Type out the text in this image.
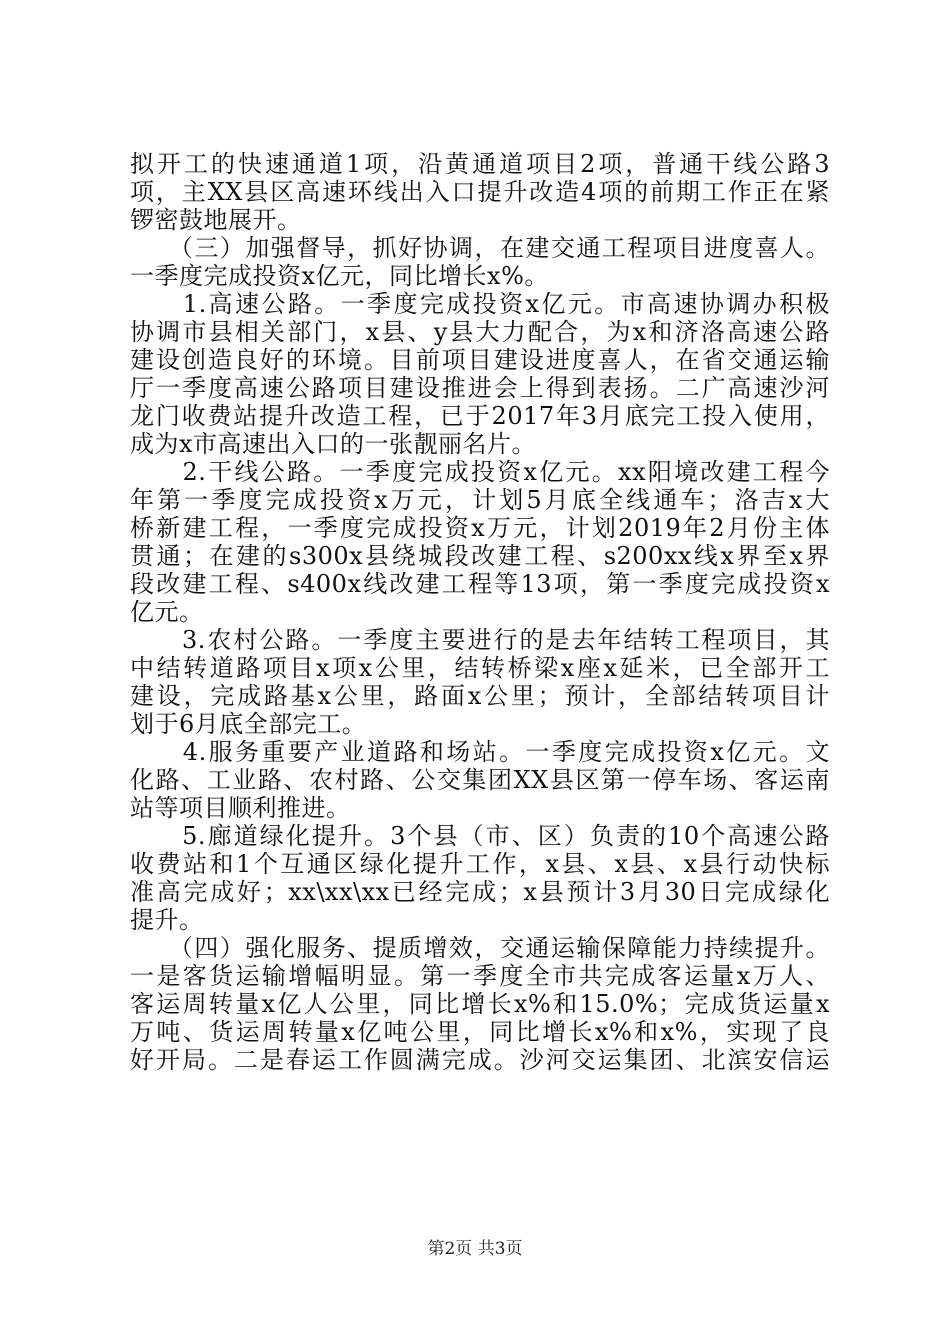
拟开工的快速通道1项，沿黄通道项目2项，普通干线公路3
项，主XX县区高速环线出入口提升改造4项的前期工作正在紧
锣密鼓地展开。
　　（三）加强督导，抓好协调，在建交通工程项目进度喜人。
一季度完成投资x亿元，同比增长x%。
　　1.高速公路。一季度完成投资x亿元。市高速协调办积极
协调市县相关部门，x县、y县大力配合，为x和济洛高速公路
建设创造良好的环境。目前项目建设进度喜人，在省交通运输
厅一季度高速公路项目建设推进会上得到表扬。二广高速沙河
龙门收费站提升改造工程，已于2017年3月底完工投入使用，
成为x市高速出入口的一张靓丽名片。
　　2.干线公路。一季度完成投资x亿元。xx阳境改建工程今
年第一季度完成投资x万元，计划5月底全线通车；洛吉x大
桥新建工程，一季度完成投资x万元，计划2019年2月份主体
贯通；在建的s300x县绕城段改建工程、s200xx线x界至x界
段改建工程、s400x线改建工程等13项，第一季度完成投资x
亿元。
　　3.农村公路。一季度主要进行的是去年结转工程项目，其
中结转道路项目x项x公里，结转桥梁x座x延米，已全部开工
建设，完成路基x公里，路面x公里；预计，全部结转项目计
划于6月底全部完工。
　　4.服务重要产业道路和场站。一季度完成投资x亿元。文
化路、工业路、农村路、公交集团XX县区第一停车场、客运南
站等项目顺利推进。
　　5.廊道绿化提升。3个县（市、区）负责的10个高速公路
收费站和1个互通区绿化提升工作，x县、x县、x县行动快标
准高完成好；xx\xx\xx已经完成；x县预计3月30日完成绿化
提升。
　　（四）强化服务、提质增效，交通运输保障能力持续提升。
一是客货运输增幅明显。第一季度全市共完成客运量x万人、
客运周转量x亿人公里，同比增长x%和15.0%；完成货运量x
万吨、货运周转量x亿吨公里，同比增长x%和x%，实现了良
好开局。二是春运工作圆满完成。沙河交运集团、北滨安信运
第2页 共3页
